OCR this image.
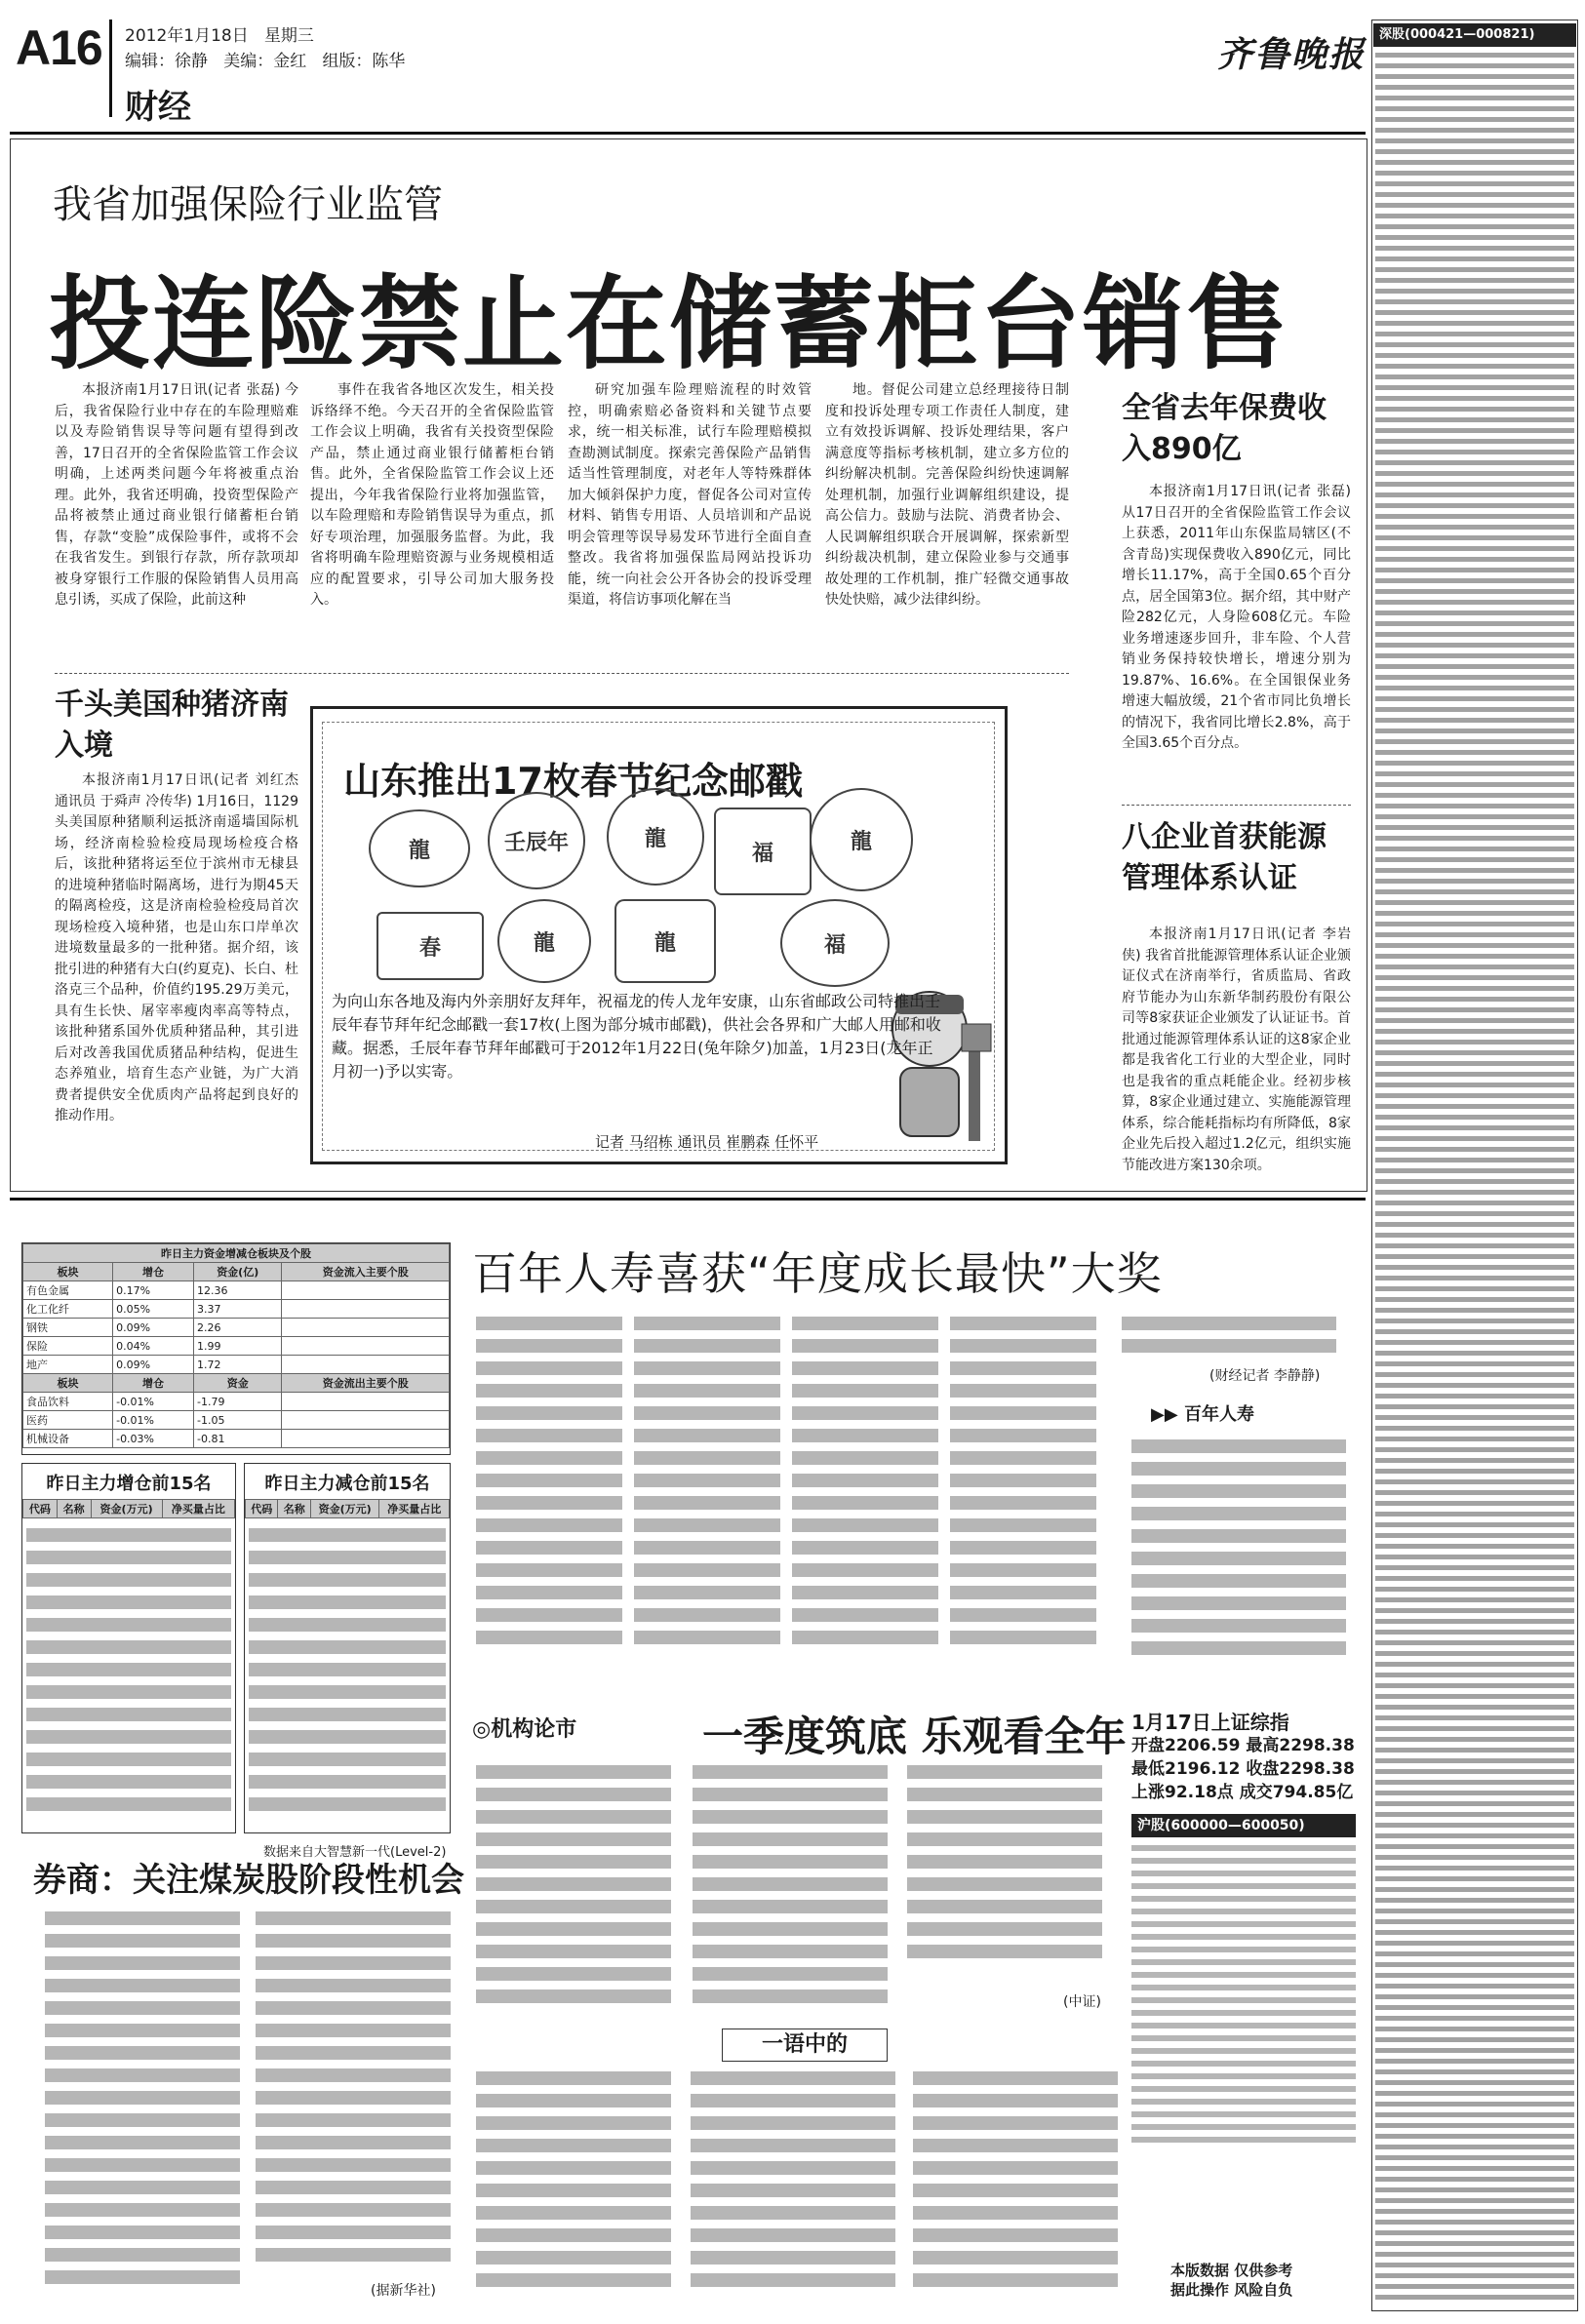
A16 2012年1月18日 星期三
编辑：徐静 美编：金红 组版：陈华
财经
齐鲁晚报
我省加强保险行业监管
投连险禁止在储蓄柜台销售

本报济南1月17日讯(记者 张磊) 今后，我省保险行业中存在的车险理赔难以及寿险销售误导等问题有望得到改善，17日召开的全省保险监管工作会议明确，上述两类问题今年将被重点治理。此外，我省还明确，投资型保险产品将被禁止通过商业银行储蓄柜台销售，存款“变脸”成保险事件，或将不会在我省发生。到银行存款，所存款项却被身穿银行工作服的保险销售人员用高息引诱，买成了保险，此前这种

事件在我省各地区次发生，相关投诉络绎不绝。今天召开的全省保险监管工作会议上明确，我省有关投资型保险产品，禁止通过商业银行储蓄柜台销售。此外，全省保险监管工作会议上还提出，今年我省保险行业将加强监管，以车险理赔和寿险销售误导为重点，抓好专项治理，加强服务监督。为此，我省将明确车险理赔资源与业务规模相适应的配置要求，引导公司加大服务投入。

研究加强车险理赔流程的时效管控，明确索赔必备资料和关键节点要求，统一相关标准，试行车险理赔模拟查勘测试制度。探索完善保险产品销售适当性管理制度，对老年人等特殊群体加大倾斜保护力度，督促各公司对宣传材料、销售专用语、人员培训和产品说明会管理等误导易发环节进行全面自查整改。我省将加强保监局网站投诉功能，统一向社会公开各协会的投诉受理渠道，将信访事项化解在当

地。督促公司建立总经理接待日制度和投诉处理专项工作责任人制度，建立有效投诉调解、投诉处理结果，客户满意度等指标考核机制，建立多方位的纠纷解决机制。完善保险纠纷快速调解处理机制，加强行业调解组织建设，提高公信力。鼓励与法院、消费者协会、人民调解组织联合开展调解，探索新型纠纷裁决机制，建立保险业参与交通事故处理的工作机制，推广轻微交通事故快处快赔，减少法律纠纷。

全省去年保费收入890亿

本报济南1月17日讯(记者 张磊) 从17日召开的全省保险监管工作会议上获悉，2011年山东保监局辖区(不含青岛)实现保费收入890亿元，同比增长11.17%，高于全国0.65个百分点，居全国第3位。据介绍，其中财产险282亿元，人身险608亿元。车险业务增速逐步回升，非车险、个人营销业务保持较快增长，增速分别为19.87%、16.6%。在全国银保业务增速大幅放缓，21个省市同比负增长的情况下，我省同比增长2.8%，高于全国3.65个百分点。

八企业首获能源管理体系认证

本报济南1月17日讯(记者 李岩侠) 我省首批能源管理体系认证企业颁证仪式在济南举行，省质监局、省政府节能办为山东新华制药股份有限公司等8家获证企业颁发了认证证书。首批通过能源管理体系认证的这8家企业都是我省化工行业的大型企业，同时也是我省的重点耗能企业。经初步核算，8家企业通过建立、实施能源管理体系，综合能耗指标均有所降低，8家企业先后投入超过1.2亿元，组织实施节能改进方案130余项。

千头美国种猪济南入境

本报济南1月17日讯(记者 刘红杰 通讯员 于舜声 冷传华) 1月16日，1129头美国原种猪顺利运抵济南遥墙国际机场，经济南检验检疫局现场检疫合格后，该批种猪将运至位于滨州市无棣县的进境种猪临时隔离场，进行为期45天的隔离检疫，这是济南检验检疫局首次现场检疫入境种猪，也是山东口岸单次进境数量最多的一批种猪。据介绍，该批引进的种猪有大白(约夏克)、长白、杜洛克三个品种，价值约195.29万美元，具有生长快、屠宰率瘦肉率高等特点，该批种猪系国外优质种猪品种，其引进后对改善我国优质猪品种结构，促进生态养殖业，培育生态产业链，为广大消费者提供安全优质肉产品将起到良好的推动作用。

山东推出17枚春节纪念邮戳
龍	壬辰年	龍
福	龍
春	龍	龍	福
为向山东各地及海内外亲朋好友拜年，祝福龙的传人龙年安康，山东省邮政公司特推出壬辰年春节拜年纪念邮戳一套17枚(上图为部分城市邮戳)，供社会各界和广大邮人用邮和收藏。据悉，壬辰年春节拜年邮戳可于2012年1月22日(兔年除夕)加盖，1月23日(龙年正月初一)予以实寄。
记者 马绍栋 通讯员 崔鹏森 任怀平
昨日主力资金增减仓板块及个股			
板块	增仓	资金(亿)	资金流入主要个股
有色金属	0.17%	12.36	
化工化纤	0.05%	3.37	
钢铁	0.09%	2.26	
保险	0.04%	1.99	
地产	0.09%	1.72	
板块	增仓	资金	资金流出主要个股
食品饮料	-0.01%	-1.79	
医药	-0.01%	-1.05	
机械设备	-0.03%	-0.81	
昨日主力增仓前15名
代码	名称	资金(万元)	净买量占比
昨日主力减仓前15名
代码	名称	资金(万元)	净买量占比
数据来自大智慧新一代(Level-2)
百年人寿喜获“年度成长最快”大奖
(财经记者 李静静)
▶▶ 百年人寿
券商：关注煤炭股阶段性机会
(据新华社)
◎机构论市	一季度筑底 乐观看全年
(中证)
一语中的
1月17日上证综指
开盘2206.59 最高2298.38
最低2196.12 收盘2298.38
上涨92.18点 成交794.85亿
沪股(600000—600050)
本版数据 仅供参考
据此操作 风险自负
深股(000421—000821)
